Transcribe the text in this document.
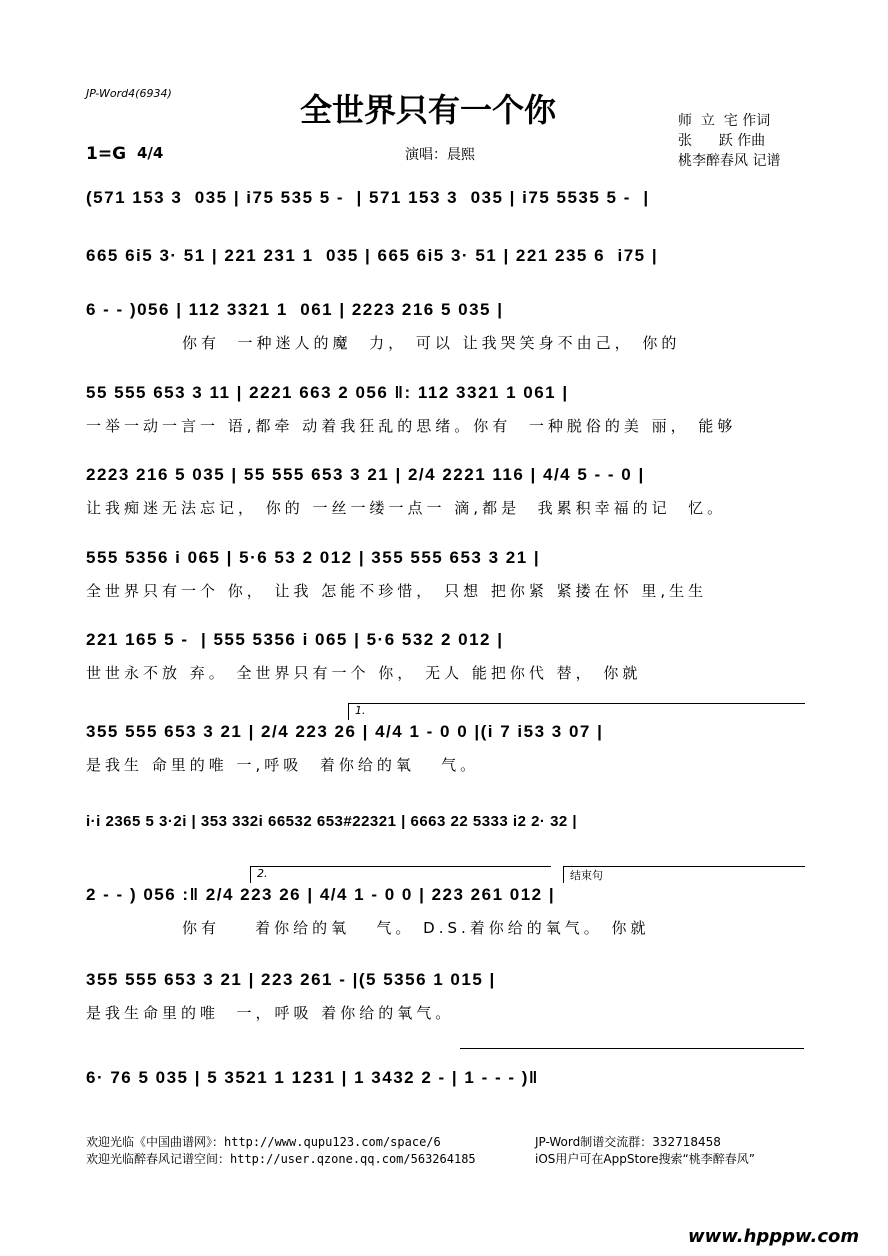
JP-Word4(6934)	全世界只有一个你	师  立  宅 作词
张      跃 作曲
桃李醉春风 记谱
1=G 4/4	演唱：晨熙
(571 153 3  035 | i75 535 5 -  | 571 153 3  035 | i75 5535 5 -  |
665 6i5 3· 51 | 221 231 1  035 | 665 6i5 3· 51 | 221 235 6  i75 |
6 - - )056 | 112 3321 1  061 | 2223 216 5 035 |
你有  一种迷人的魔  力， 可以 让我哭笑身不由己， 你的
55 555 653 3 11 | 2221 663 2 056 ‖: 112 3321 1 061 |
一举一动一言一 语,都牵 动着我狂乱的思绪。你有  一种脱俗的美 丽， 能够
2223 216 5 035 | 55 555 653 3 21 | 2/4 2221 116 | 4/4 5 - - 0 |
让我痴迷无法忘记， 你的 一丝一缕一点一 滴,都是  我累积幸福的记  忆。
555 5356 i 065 | 5·6 53 2 012 | 355 555 653 3 21 |
全世界只有一个 你， 让我 怎能不珍惜， 只想 把你紧 紧搂在怀 里,生生
221 165 5 -  | 555 5356 i 065 | 5·6 532 2 012 |
世世永不放 弃。 全世界只有一个 你， 无人 能把你代 替， 你就
355 555 653 3 21 | 2/4 223 26 | 4/4 1 - 0 0 |(i 7 i53 3 07 |
是我生 命里的唯 一,呼吸  着你给的氧   气。
1.
i·i 2365 5 3·2i | 353 332i 66532 653#22321 | 6663 22 5333 i2 2· 32 |
2 - - ) 056 :‖ 2/4 223 26 | 4/4 1 - 0 0 | 223 261 012 |
你有    着你给的氧   气。 D.S.着你给的氧气。 你就
2.	结束句
355 555 653 3 21 | 223 261 - |(5 5356 1 015 |
是我生命里的唯  一，呼吸 着你给的氧气。
6· 76 5 035 | 5 3521 1 1231 | 1 3432 2 - | 1 - - - )‖
欢迎光临《中国曲谱网》：http://www.qupu123.com/space/6
欢迎光临醉春风记谱空间：http://user.qzone.qq.com/563264185
JP-Word制谱交流群：332718458
iOS用户可在AppStore搜索“桃李醉春风”
www.hpppw.com
